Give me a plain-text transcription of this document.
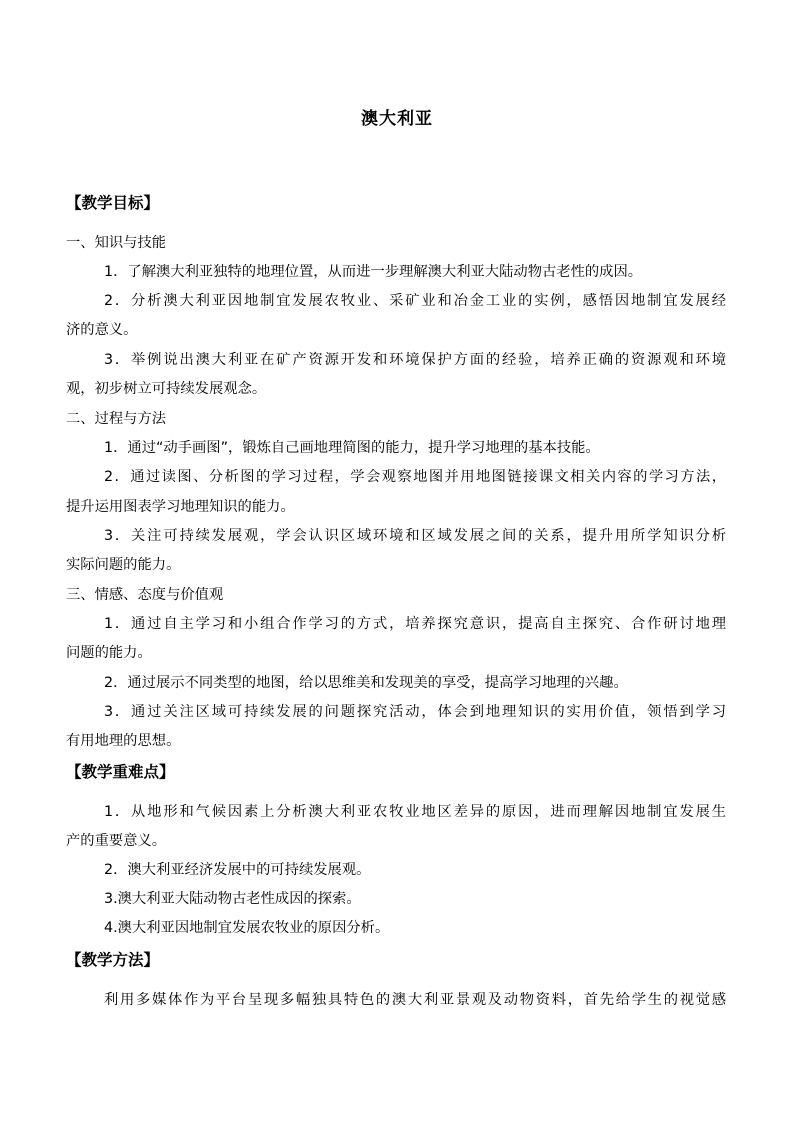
澳大利亚
【教学目标】
一、知识与技能
1．了解澳大利亚独特的地理位置，从而进一步理解澳大利亚大陆动物古老性的成因。
2．分析澳大利亚因地制宜发展农牧业、采矿业和冶金工业的实例，感悟因地制宜发展经
济的意义。
3．举例说出澳大利亚在矿产资源开发和环境保护方面的经验，培养正确的资源观和环境
观，初步树立可持续发展观念。
二、过程与方法
1．通过“动手画图”，锻炼自己画地理简图的能力，提升学习地理的基本技能。
2．通过读图、分析图的学习过程，学会观察地图并用地图链接课文相关内容的学习方法，
提升运用图表学习地理知识的能力。
3．关注可持续发展观，学会认识区域环境和区域发展之间的关系，提升用所学知识分析
实际问题的能力。
三、情感、态度与价值观
1．通过自主学习和小组合作学习的方式，培养探究意识，提高自主探究、合作研讨地理
问题的能力。
2．通过展示不同类型的地图，给以思维美和发现美的享受，提高学习地理的兴趣。
3．通过关注区域可持续发展的问题探究活动，体会到地理知识的实用价值，领悟到学习
有用地理的思想。
【教学重难点】
1．从地形和气候因素上分析澳大利亚农牧业地区差异的原因，进而理解因地制宜发展生
产的重要意义。
2．澳大利亚经济发展中的可持续发展观。
3.澳大利亚大陆动物古老性成因的探索。
4.澳大利亚因地制宜发展农牧业的原因分析。
【教学方法】
利用多媒体作为平台呈现多幅独具特色的澳大利亚景观及动物资料，首先给学生的视觉感
